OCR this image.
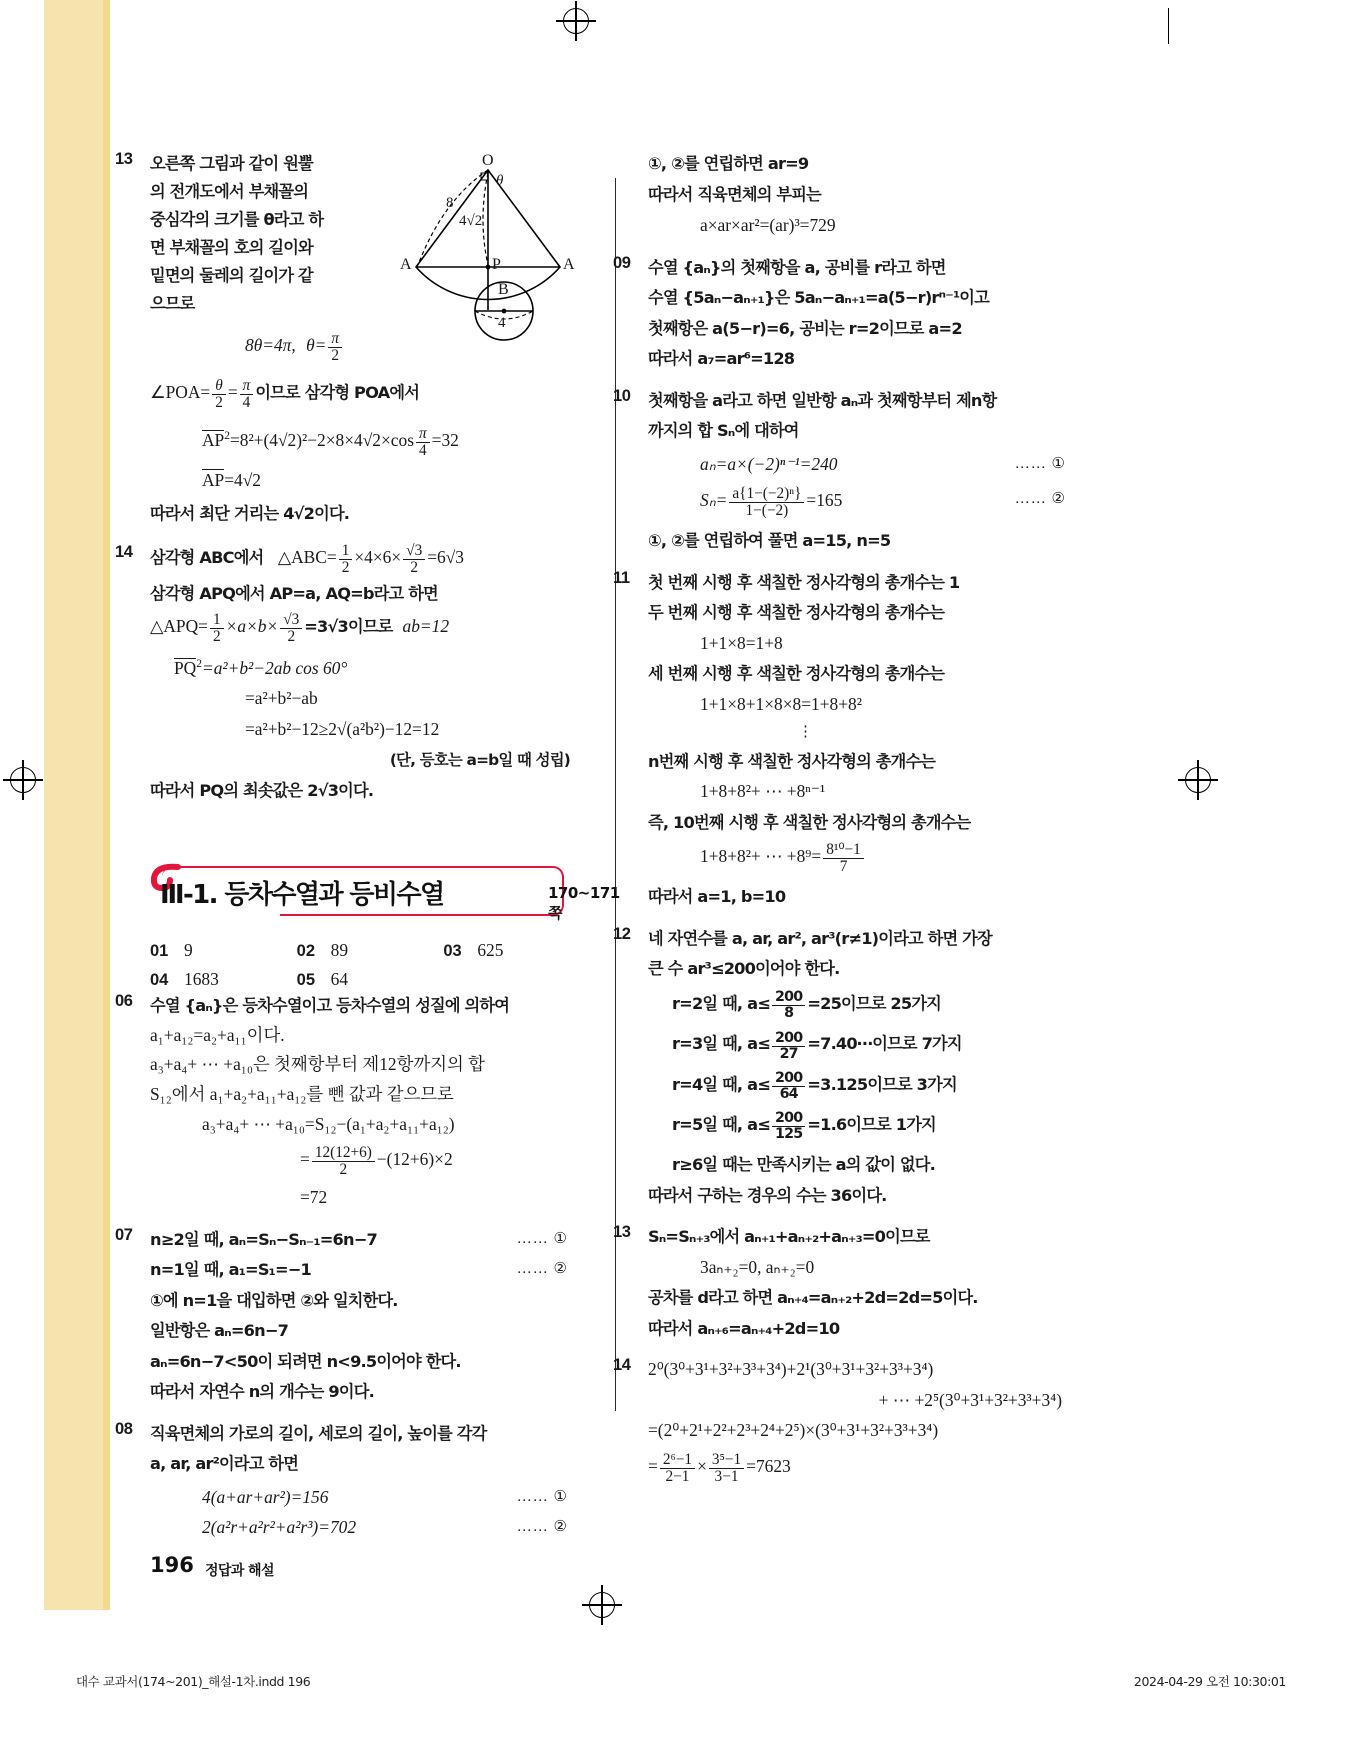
13 오른쪽 그림과 같이 원뿔
의 전개도에서 부채꼴의
중심각의 크기를 θ라고 하
면 부채꼴의 호의 길이와
밑면의 둘레의 길이가 같
으므로
8θ=4π, $\theta= \frac{\pi}{2}$
∠POA= $\frac{\theta}{2} = \frac{\pi}{4}$ 이므로 삼각형 POA에서
$AP^2=8^2+(4√2)^2-2\times 8\times 4√2\times\cos \frac{\pi}{4} =32$
AP=4√2
따라서 최단 거리는 4√2이다.
14 삼각형 ABC에서 △ABC= $\frac{1}{2} \times 4\times 6\times \frac{√3}{2} =6√3$
삼각형 APQ에서 AP=a, AQ=b라고 하면
△APQ= $\frac{1}{2} \times a\times b\times \frac{√3}{2} =3√3$이므로 ab=12
$PQ^2=a^2+b^2-2ab$ cos 60°
=a²+b²−ab
=a²+b²−12≥2√(a²b²)−12=12
(단, 등호는 a=b일 때 성립)
따라서 PQ의 최솟값은 2√3이다.
06 수열 {aₙ}은 등차수열이고 등차수열의 성질에 의하여
a₁+a₁₂=a₂+a₁₁이다.
a₃+a₄+ ⋯ +a₁₀은 첫째항부터 제12항까지의 합
S₁₂에서 a₁+a₂+a₁₁+a₁₂를 뺀 값과 같으므로
a₃+a₄+ ⋯ +a₁₀=S₁₂−(a₁+a₂+a₁₁+a₁₂)
= $\frac{12(12+6)}{2} -(12+6)\times 2$
=72
07 n≥2일 때, aₙ=Sₙ−Sₙ₋₁=6n−7	…… ①
n=1일 때, a₁=S₁=−1	…… ②
①에 n=1을 대입하면 ②와 일치한다.
일반항은 aₙ=6n−7
aₙ=6n−7<50이 되려면 n<9.5이어야 한다.
따라서 자연수 n의 개수는 9이다.
08 직육면체의 가로의 길이, 세로의 길이, 높이를 각각
a, ar, ar²이라고 하면
4(a+ar+ar²)=156	…… ①
2(a²r+a²r²+a²r³)=702	…… ②
O
θ
8
4√2
A	A
P
B
4
Ⅲ-1. 등차수열과 등비수열	170~171쪽
01 9	02 89	03 625
04 1683	05 64
①, ②를 연립하면 ar=9
따라서 직육면체의 부피는
a×ar×ar²=(ar)³=729
09 수열 {aₙ}의 첫째항을 a, 공비를 r라고 하면
수열 {5aₙ−aₙ₊₁}은 5aₙ−aₙ₊₁=a(5−r)rⁿ⁻¹이고
첫째항은 a(5−r)=6, 공비는 r=2이므로 a=2
따라서 a₇=ar⁶=128
10 첫째항을 a라고 하면 일반항 aₙ과 첫째항부터 제n항
까지의 합 Sₙ에 대하여
aₙ=a×(−2)ⁿ⁻¹=240	…… ①
$S_n= \frac{\text{a\{1−(−2)ⁿ\}}}{1-(-2)} =165$	…… ②
①, ②를 연립하여 풀면 a=15, n=5
11 첫 번째 시행 후 색칠한 정사각형의 총개수는 1
두 번째 시행 후 색칠한 정사각형의 총개수는
1+1×8=1+8
세 번째 시행 후 색칠한 정사각형의 총개수는
1+1×8+1×8×8=1+8+8²
⋮
n번째 시행 후 색칠한 정사각형의 총개수는
1+8+8²+ ⋯ +8ⁿ⁻¹
즉, 10번째 시행 후 색칠한 정사각형의 총개수는
1+8+8²+ ⋯ $+8^9= \frac{\text{8¹⁰−1}}{7}$
따라서 a=1, b=10
12 네 자연수를 a, ar, ar², ar³(r≠1)이라고 하면 가장
큰 수 ar³≤200이어야 한다.
r=2일 때, $a\le \frac{200}{8} =25$이므로 25가지
r=3일 때, $a\le \frac{200}{27}$ =7.40⋯이므로 7가지
r=4일 때, $a\le \frac{200}{64} =3.125$이므로 3가지
r=5일 때, $a\le \frac{200}{125} =1.6$이므로 1가지
r≥6일 때는 만족시키는 a의 값이 없다.
따라서 구하는 경우의 수는 36이다.
13 Sₙ=Sₙ₊₃에서 aₙ₊₁+aₙ₊₂+aₙ₊₃=0이므로
3aₙ₊₂=0, aₙ₊₂=0
공차를 d라고 하면 aₙ₊₄=aₙ₊₂+2d=2d=5이다.
따라서 aₙ₊₆=aₙ₊₄+2d=10
14 2⁰(3⁰+3¹+3²+3³+3⁴)+2¹(3⁰+3¹+3²+3³+3⁴)
+ ⋯ +2⁵(3⁰+3¹+3²+3³+3⁴)
=(2⁰+2¹+2²+2³+2⁴+2⁵)×(3⁰+3¹+3²+3³+3⁴)
= $\frac{\text{2⁶−1}}{2-1} \times \frac{\text{3⁵−1}}{3-1} =7623$
196 정답과 해설
대수 교과서(174~201)_해설-1차.indd 196	2024-04-29 오전 10:30:01
